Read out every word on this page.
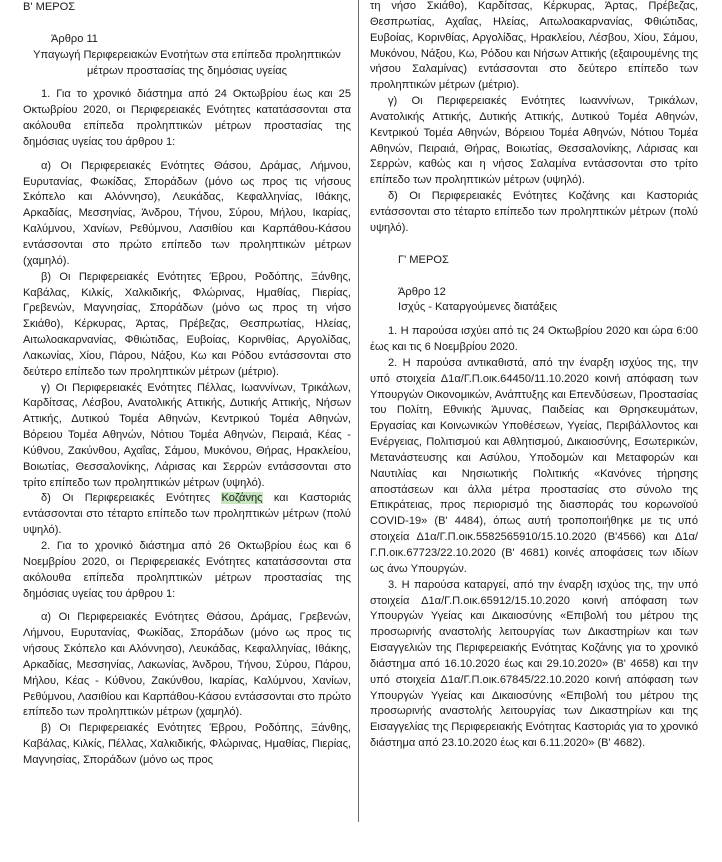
Β' ΜΕΡΟΣ

Άρθρο 11

Υπαγωγή Περιφερειακών Ενοτήτων στα επίπεδα προληπτικών μέτρων προστασίας της δημόσιας υγείας

1. Για το χρονικό διάστημα από 24 Οκτωβρίου έως και 25 Οκτωβρίου 2020, οι Περιφερειακές Ενότητες κατατάσσονται στα ακόλουθα επίπεδα προληπτικών μέτρων προστασίας της δημόσιας υγείας του άρθρου 1:

α) Οι Περιφερειακές Ενότητες Θάσου, Δράμας, Λήμνου, Ευρυτανίας, Φωκίδας, Σποράδων (μόνο ως προς τις νήσους Σκόπελο και Αλόννησο), Λευκάδας, Κεφαλληνίας, Ιθάκης, Αρκαδίας, Μεσσηνίας, Άνδρου, Τήνου, Σύρου, Μήλου, Ικαρίας, Καλύμνου, Χανίων, Ρεθύμνου, Λασιθίου και Καρπάθου-Κάσου εντάσσονται στο πρώτο επίπεδο των προληπτικών μέτρων (χαμηλό).

β) Οι Περιφερειακές Ενότητες Έβρου, Ροδόπης, Ξάνθης, Καβάλας, Κιλκίς, Χαλκιδικής, Φλώρινας, Ημαθίας, Πιερίας, Γρεβενών, Μαγνησίας, Σποράδων (μόνο ως προς τη νήσο Σκιάθο), Κέρκυρας, Άρτας, Πρέβεζας, Θεσπρωτίας, Ηλείας, Αιτωλοακαρνανίας, Φθιώτιδας, Ευβοίας, Κορινθίας, Αργολίδας, Λακωνίας, Χίου, Πάρου, Νάξου, Κω και Ρόδου εντάσσονται στο δεύτερο επίπεδο των προληπτικών μέτρων (μέτριο).

γ) Οι Περιφερειακές Ενότητες Πέλλας, Ιωαννίνων, Τρικάλων, Καρδίτσας, Λέσβου, Ανατολικής Αττικής, Δυτικής Αττικής, Νήσων Αττικής, Δυτικού Τομέα Αθηνών, Κεντρικού Τομέα Αθηνών, Βόρειου Τομέα Αθηνών, Νότιου Τομέα Αθηνών, Πειραιά, Κέας - Κύθνου, Ζακύνθου, Αχαΐας, Σάμου, Μυκόνου, Θήρας, Ηρακλείου, Βοιωτίας, Θεσσαλονίκης, Λάρισας και Σερρών εντάσσονται στο τρίτο επίπεδο των προληπτικών μέτρων (υψηλό).

δ) Οι Περιφερειακές Ενότητες Κοζάνης και Καστοριάς εντάσσονται στο τέταρτο επίπεδο των προληπτικών μέτρων (πολύ υψηλό).

2. Για το χρονικό διάστημα από 26 Οκτωβρίου έως και 6 Νοεμβρίου 2020, οι Περιφερειακές Ενότητες κατατάσσονται στα ακόλουθα επίπεδα προληπτικών μέτρων προστασίας της δημόσιας υγείας του άρθρου 1:

α) Οι Περιφερειακές Ενότητες Θάσου, Δράμας, Γρεβενών, Λήμνου, Ευρυτανίας, Φωκίδας, Σποράδων (μόνο ως προς τις νήσους Σκόπελο και Αλόννησο), Λευκάδας, Κεφαλληνίας, Ιθάκης, Αρκαδίας, Μεσσηνίας, Λακωνίας, Άνδρου, Τήνου, Σύρου, Πάρου, Μήλου, Κέας - Κύθνου, Ζακύνθου, Ικαρίας, Καλύμνου, Χανίων, Ρεθύμνου, Λασιθίου και Καρπάθου-Κάσου εντάσσονται στο πρώτο επίπεδο των προληπτικών μέτρων (χαμηλό).

β) Οι Περιφερειακές Ενότητες Έβρου, Ροδόπης, Ξάνθης, Καβάλας, Κιλκίς, Πέλλας, Χαλκιδικής, Φλώρινας, Ημαθίας, Πιερίας, Μαγνησίας, Σποράδων (μόνο ως προς

τη νήσο Σκιάθο), Καρδίτσας, Κέρκυρας, Άρτας, Πρέβεζας, Θεσπρωτίας, Αχαΐας, Ηλείας, Αιτωλοακαρνανίας, Φθιώτιδας, Ευβοίας, Κορινθίας, Αργολίδας, Ηρακλείου, Λέσβου, Χίου, Σάμου, Μυκόνου, Νάξου, Κω, Ρόδου και Νήσων Αττικής (εξαιρουμένης της νήσου Σαλαμίνας) εντάσσονται στο δεύτερο επίπεδο των προληπτικών μέτρων (μέτριο).

γ) Οι Περιφερειακές Ενότητες Ιωαννίνων, Τρικάλων, Ανατολικής Αττικής, Δυτικής Αττικής, Δυτικού Τομέα Αθηνών, Κεντρικού Τομέα Αθηνών, Βόρειου Τομέα Αθηνών, Νότιου Τομέα Αθηνών, Πειραιά, Θήρας, Βοιωτίας, Θεσσαλονίκης, Λάρισας και Σερρών, καθώς και η νήσος Σαλαμίνα εντάσσονται στο τρίτο επίπεδο των προληπτικών μέτρων (υψηλό).

δ) Οι Περιφερειακές Ενότητες Κοζάνης και Καστοριάς εντάσσονται στο τέταρτο επίπεδο των προληπτικών μέτρων (πολύ υψηλό).

Γ' ΜΕΡΟΣ

Άρθρο 12

Ισχύς - Καταργούμενες διατάξεις

1. Η παρούσα ισχύει από τις 24 Οκτωβρίου 2020 και ώρα 6:00 έως και τις 6 Νοεμβρίου 2020.

2. Η παρούσα αντικαθιστά, από την έναρξη ισχύος της, την υπό στοιχεία Δ1α/Γ.Π.οικ.64450/11.10.2020 κοινή απόφαση των Υπουργών Οικονομικών, Ανάπτυξης και Επενδύσεων, Προστασίας του Πολίτη, Εθνικής Άμυνας, Παιδείας και Θρησκευμάτων, Εργασίας και Κοινωνικών Υποθέσεων, Υγείας, Περιβάλλοντος και Ενέργειας, Πολιτισμού και Αθλητισμού, Δικαιοσύνης, Εσωτερικών, Μετανάστευσης και Ασύλου, Υποδομών και Μεταφορών και Ναυτιλίας και Νησιωτικής Πολιτικής «Κανόνες τήρησης αποστάσεων και άλλα μέτρα προστασίας στο σύνολο της Επικράτειας, προς περιορισμό της διασποράς του κορωνοϊού COVID-19» (Β' 4484), όπως αυτή τροποποιήθηκε με τις υπό στοιχεία Δ1α/Γ.Π.οικ.5582565910/15.10.2020 (Β'4566) και Δ1α/Γ.Π.οικ.67723/22.10.2020 (Β' 4681) κοινές αποφάσεις των ιδίων ως άνω Υπουργών.

3. Η παρούσα καταργεί, από την έναρξη ισχύος της, την υπό στοιχεία Δ1α/Γ.Π.οικ.65912/15.10.2020 κοινή απόφαση των Υπουργών Υγείας και Δικαιοσύνης «Επιβολή του μέτρου της προσωρινής αναστολής λειτουργίας των Δικαστηρίων και των Εισαγγελιών της Περιφερειακής Ενότητας Κοζάνης για το χρονικό διάστημα από 16.10.2020 έως και 29.10.2020» (Β' 4658) και την υπό στοιχεία Δ1α/Γ.Π.οικ.67845/22.10.2020 κοινή απόφαση των Υπουργών Υγείας και Δικαιοσύνης «Επιβολή του μέτρου της προσωρινής αναστολής λειτουργίας των Δικαστηρίων και της Εισαγγελίας της Περιφερειακής Ενότητας Καστοριάς για το χρονικό διάστημα από 23.10.2020 έως και 6.11.2020» (Β' 4682).
